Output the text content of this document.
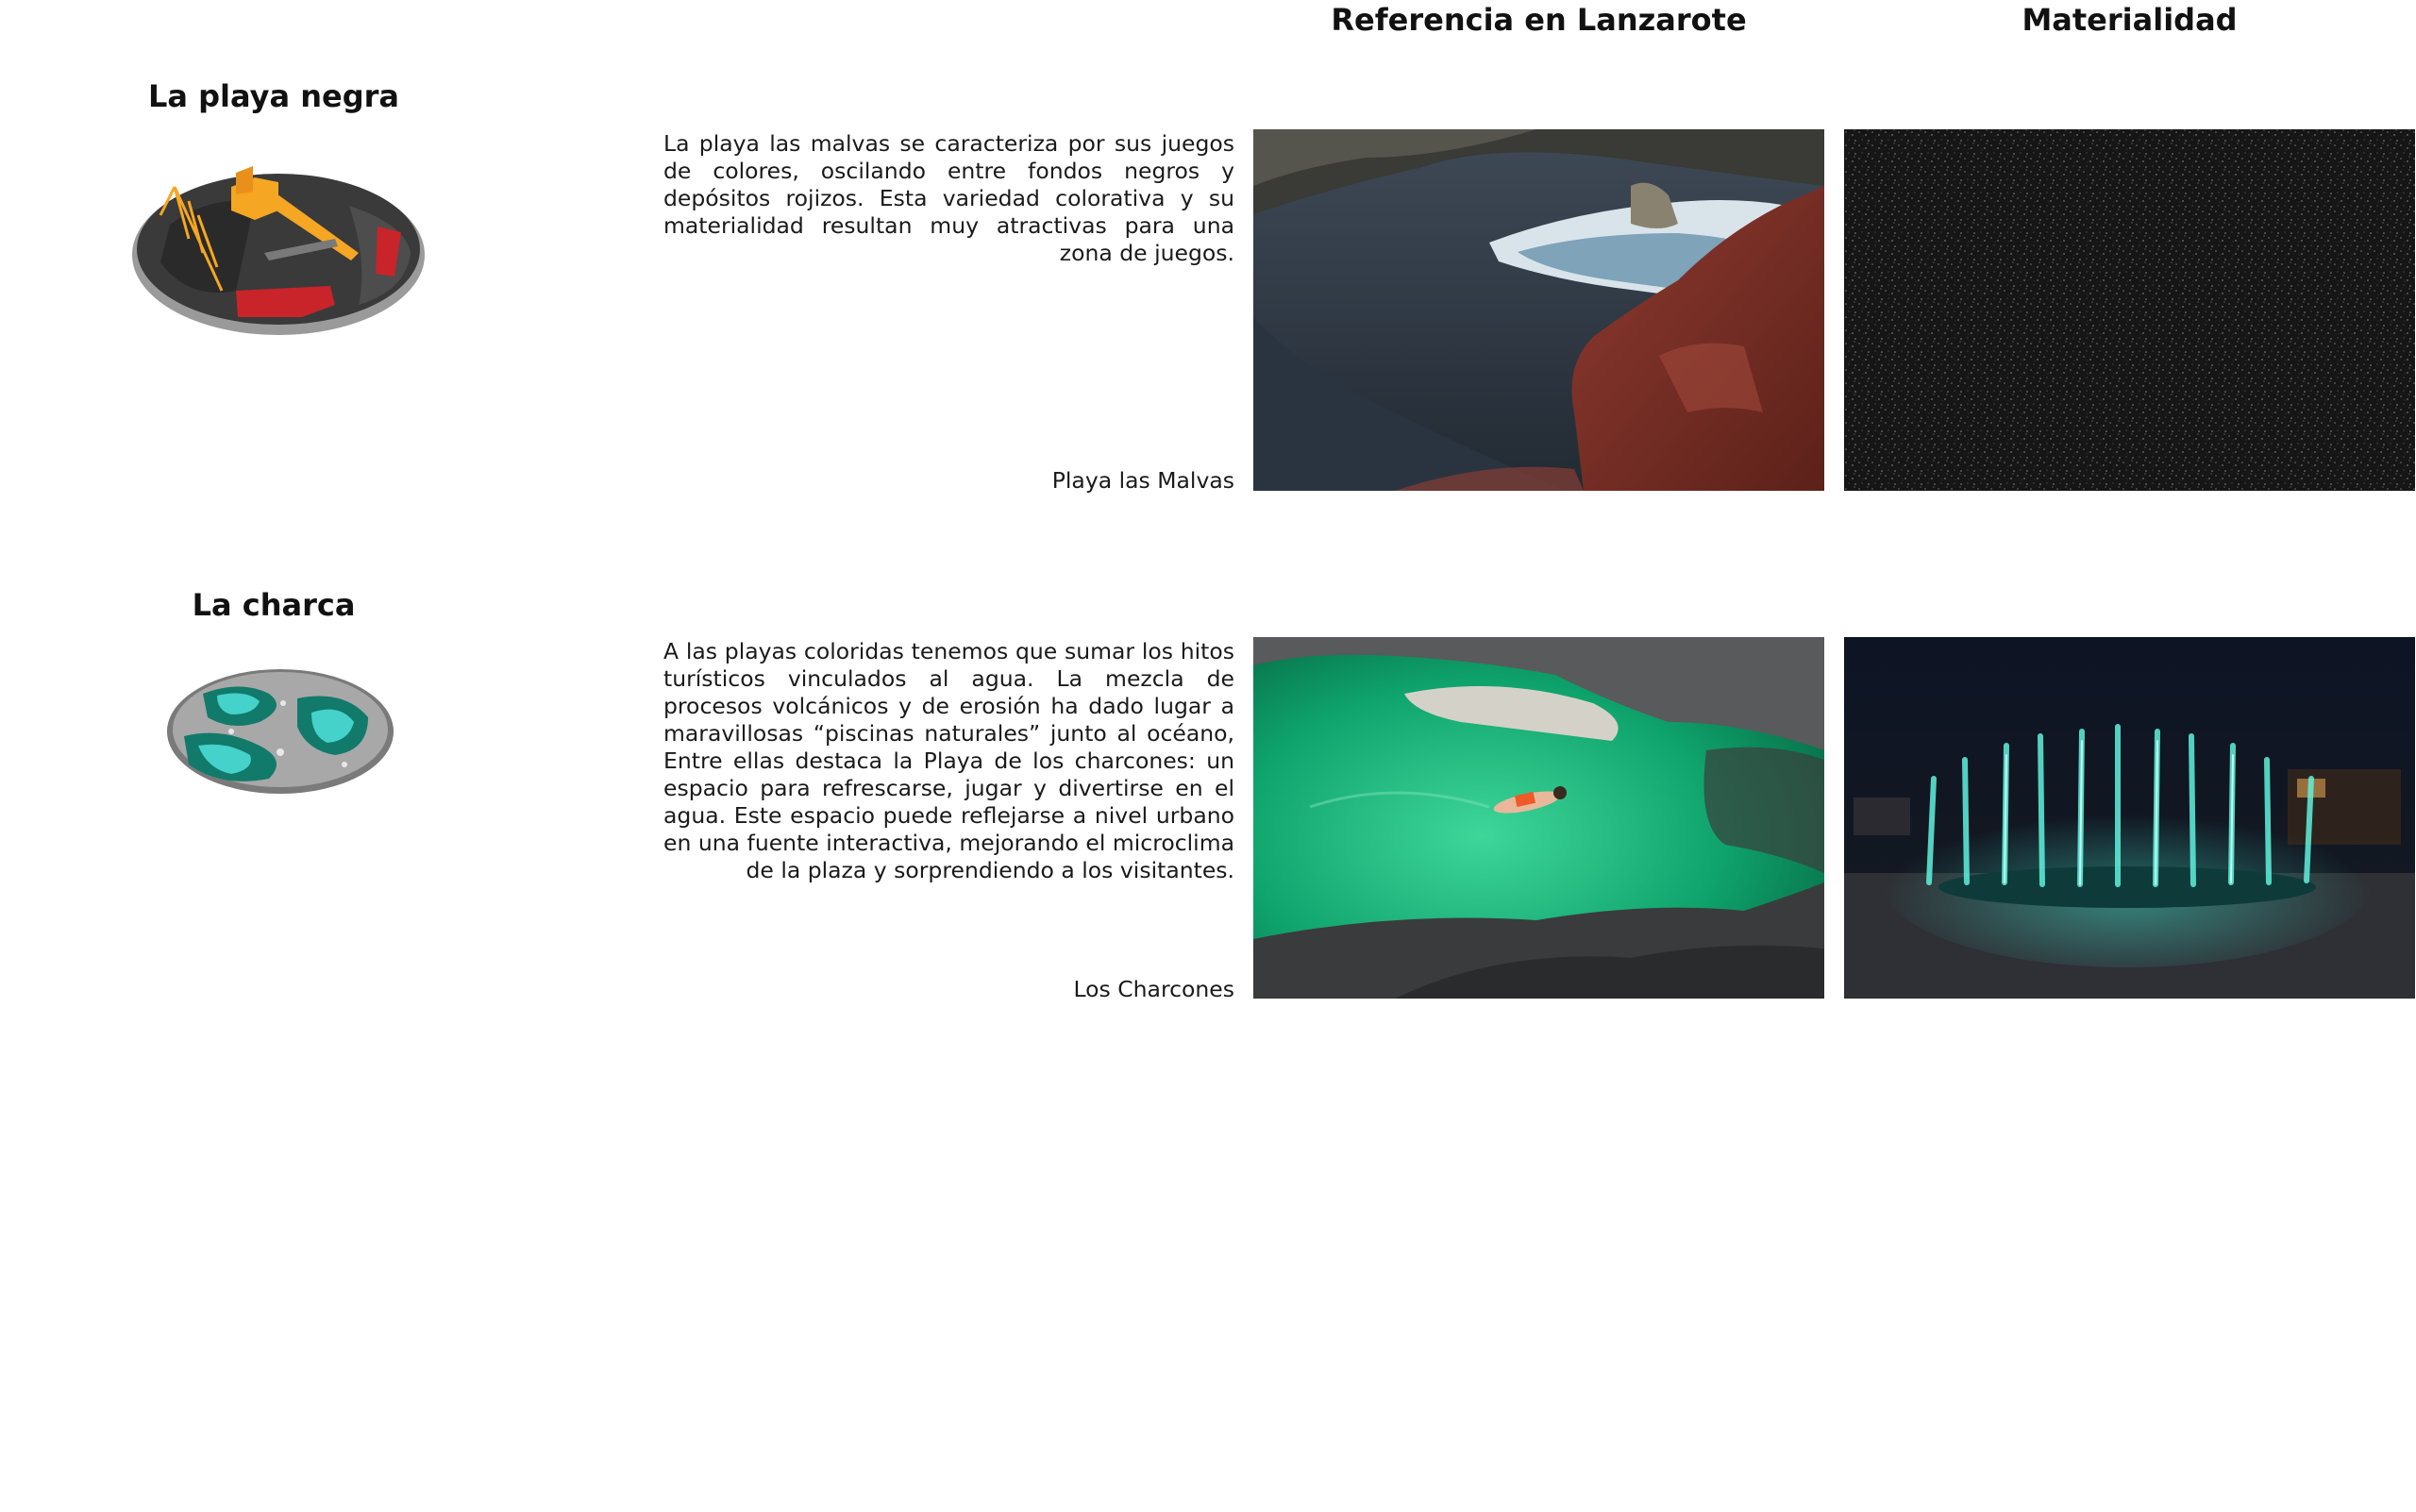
Referencia en Lanzarote	Materialidad
La playa negra
La playa las malvas se caracteriza por sus juegos de colores, oscilando entre fondos negros y depósitos rojizos. Esta variedad colorativa y su materialidad resultan muy atractivas para una zona de juegos.
Playa las Malvas
La charca
A las playas coloridas tenemos que sumar los hitos turísticos vinculados al agua. La mezcla de procesos volcánicos y de erosión ha dado lugar a maravillosas “piscinas naturales” junto al océano, Entre ellas destaca la Playa de los charcones: un espacio para refrescarse, jugar y divertirse en el agua. Este espacio puede reflejarse a nivel urbano en una fuente interactiva, mejorando el microclima de la plaza y sorprendiendo a los visitantes.
Los Charcones
